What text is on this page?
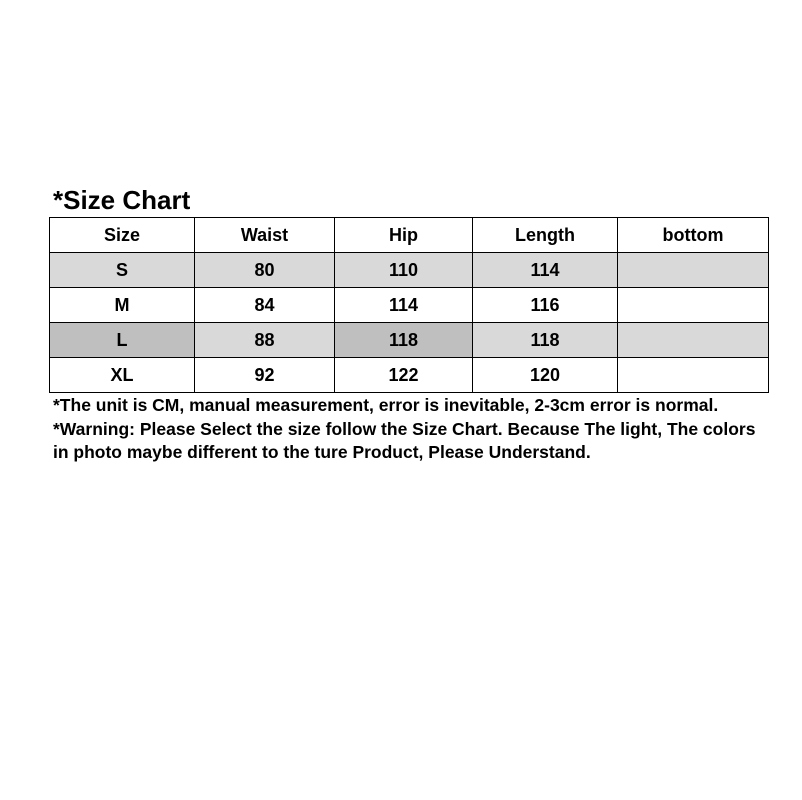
*Size Chart
Size	Waist	Hip	Length	bottom
S	80	110	114	
M	84	114	116	
L	88	118	118	
XL	92	122	120	
*The unit is CM, manual measurement, error is inevitable, 2-3cm error is normal. *Warning: Please Select the size follow the Size Chart. Because The light, The colors in photo maybe different to the ture Product, Please Understand.
